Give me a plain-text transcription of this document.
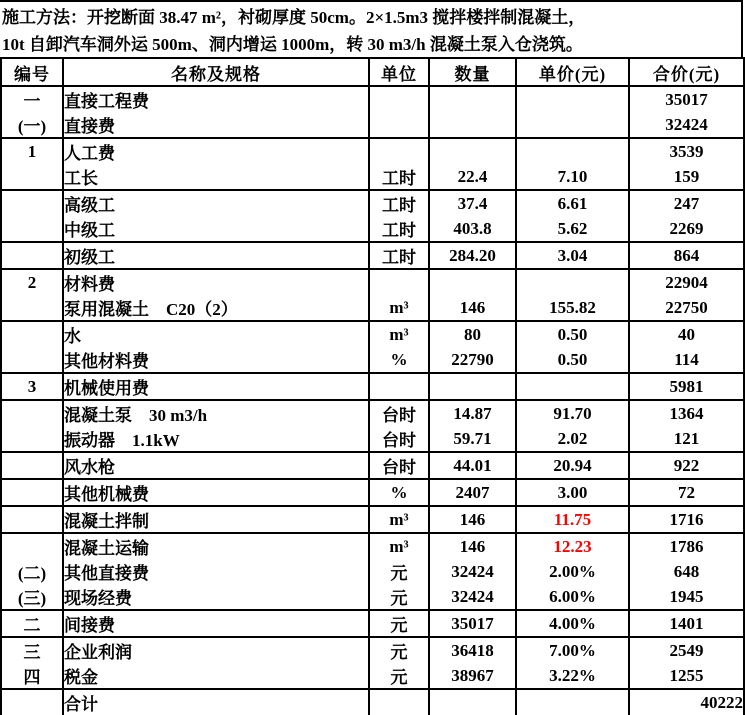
施工方法：开挖断面 38.47 m²，衬砌厚度 50cm。2×1.5m3 搅拌楼拌制混凝土，
10t 自卸汽车洞外运 500m、洞内增运 1000m，转 30 m3/h 混凝土泵入仓浇筑。
编号	名称及规格	单位	数量	单价(元)	合价(元)
一	直接工程费				35017
(一)	直接费				32424
1	人工费				3539
	工长	工时	22.4	7.10	159
	高级工	工时	37.4	6.61	247
	中级工	工时	403.8	5.62	2269
	初级工	工时	284.20	3.04	864
2	材料费				22904
	泵用混凝土　C20（2）	m³	146	155.82	22750
	水	m³	80	0.50	40
	其他材料费	%	22790	0.50	114
3	机械使用费				5981
	混凝土泵　30 m3/h	台时	14.87	91.70	1364
	振动器　1.1kW	台时	59.71	2.02	121
	风水枪	台时	44.01	20.94	922
	其他机械费	%	2407	3.00	72
	混凝土拌制	m³	146	11.75	1716
	混凝土运输	m³	146	12.23	1786
(二)	其他直接费	元	32424	2.00%	648
(三)	现场经费	元	32424	6.00%	1945
二	间接费	元	35017	4.00%	1401
三	企业利润	元	36418	7.00%	2549
四	税金	元	38967	3.22%	1255
	合计				40222
